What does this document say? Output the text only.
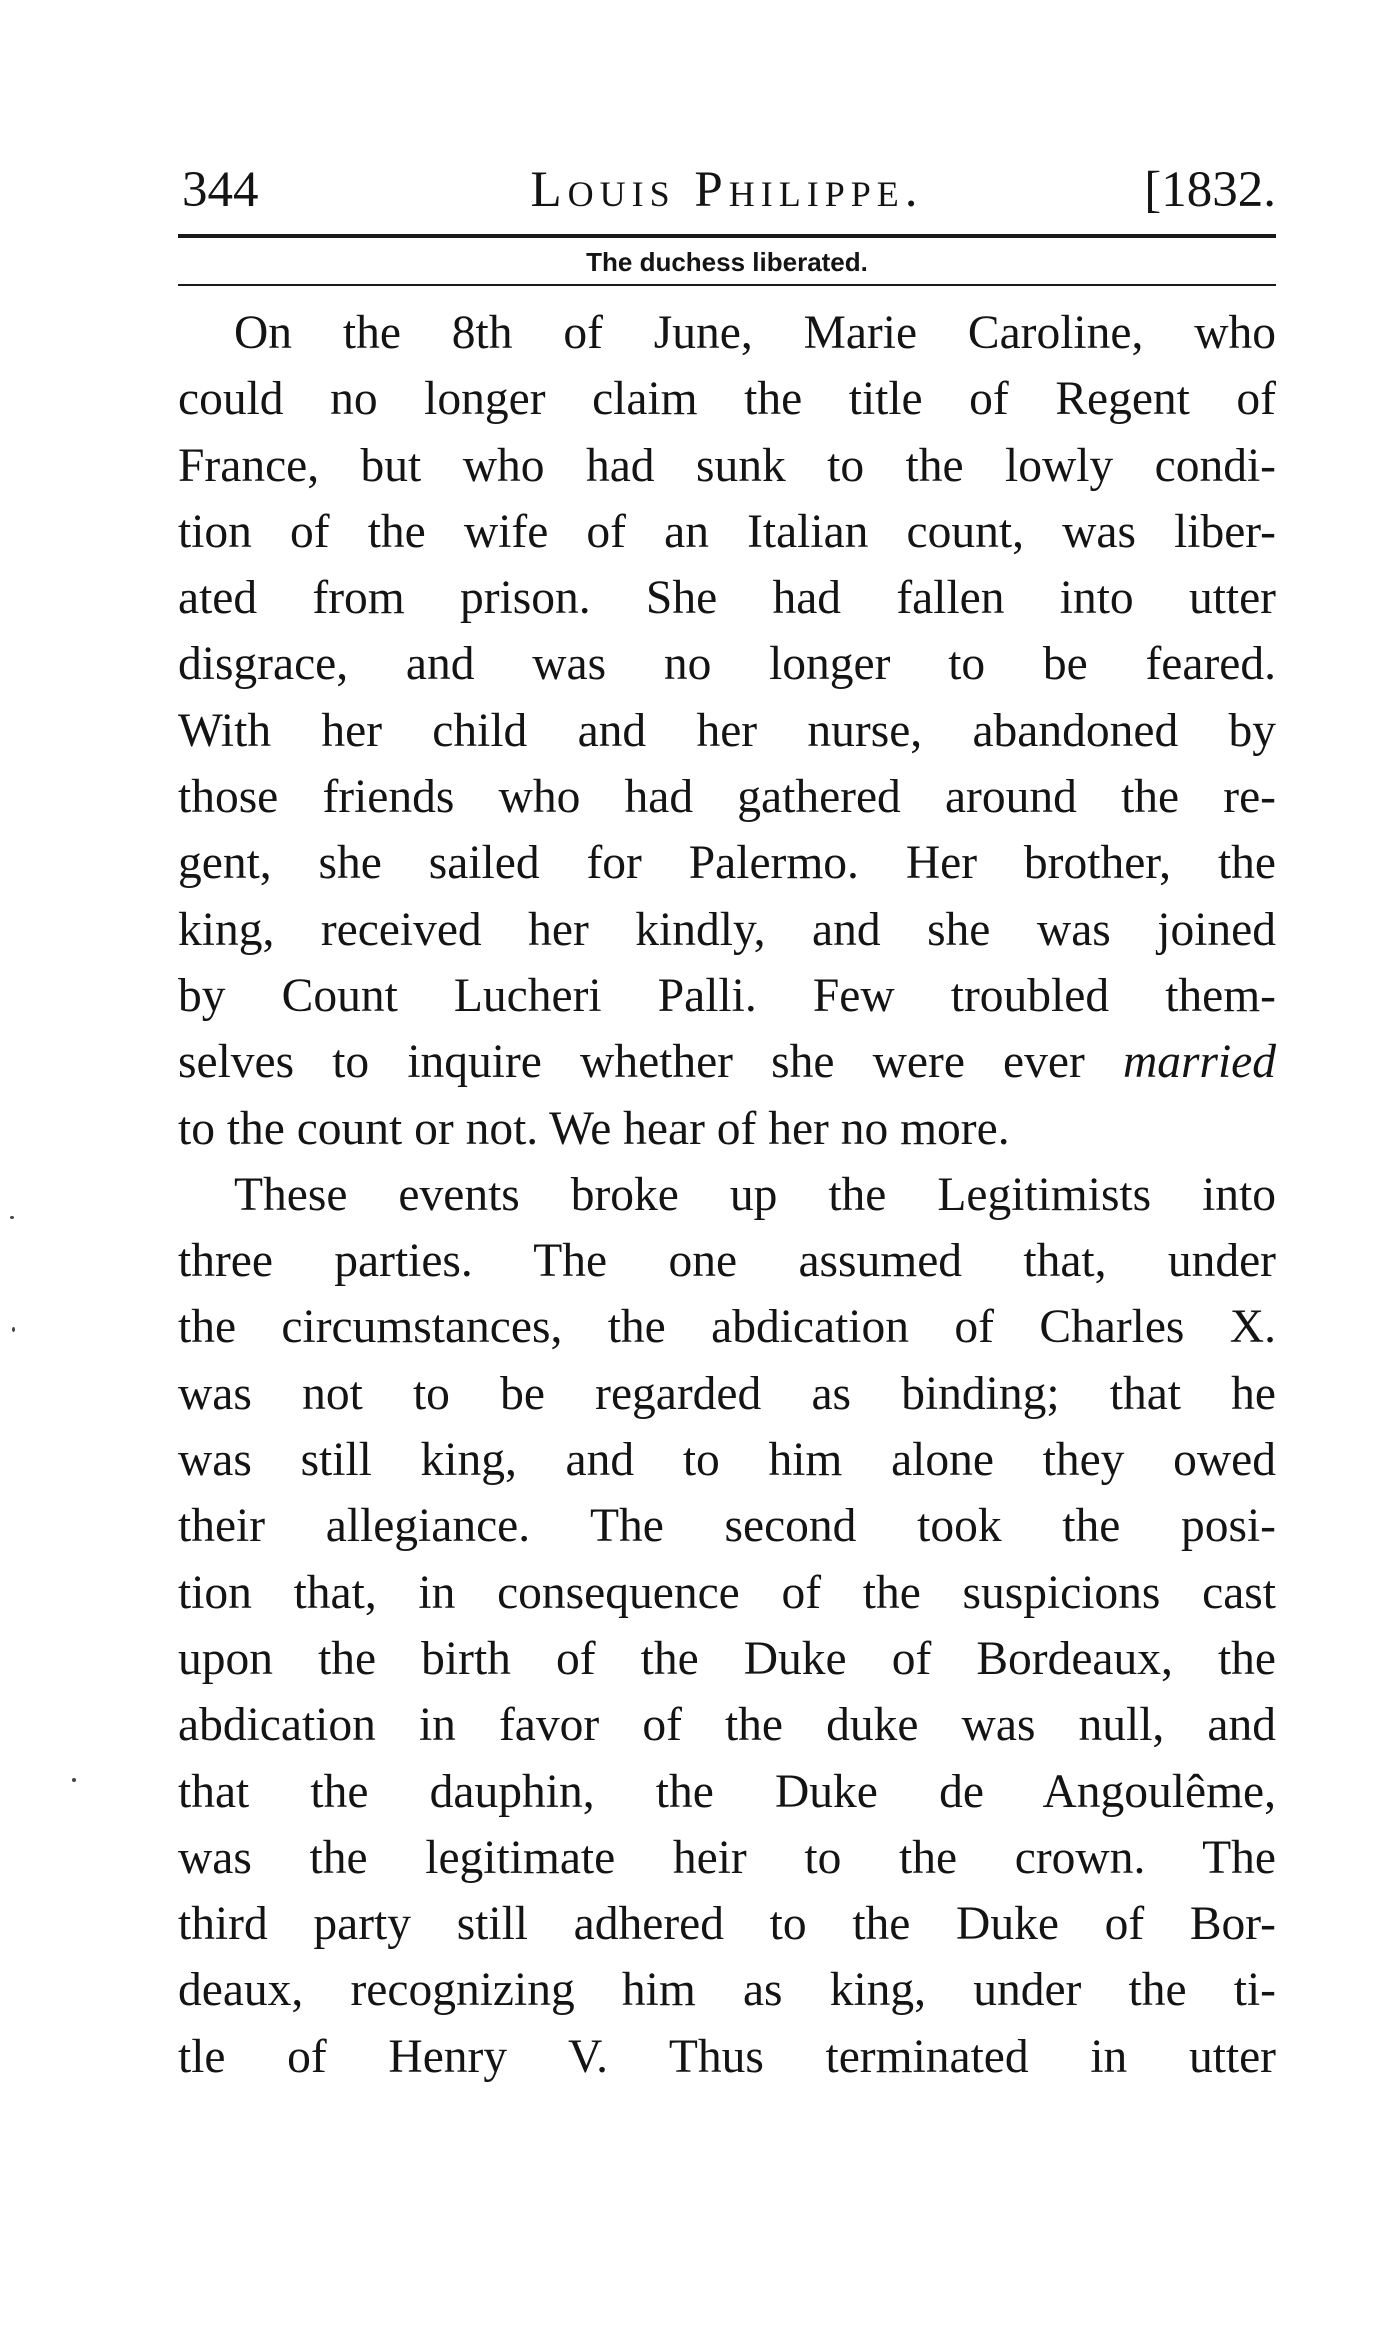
344	Louis Philippe.	[1832.
The duchess liberated.
On the 8th of June, Marie Caroline, who
could no longer claim the title of Regent of
France, but who had sunk to the lowly condi-
tion of the wife of an Italian count, was liber-
ated from prison. She had fallen into utter
disgrace, and was no longer to be feared.
With her child and her nurse, abandoned by
those friends who had gathered around the re-
gent, she sailed for Palermo. Her brother, the
king, received her kindly, and she was joined
by Count Lucheri Palli. Few troubled them-
selves to inquire whether she were ever married
to the count or not. We hear of her no more.
These events broke up the Legitimists into
three parties. The one assumed that, under
the circumstances, the abdication of Charles X.
was not to be regarded as binding; that he
was still king, and to him alone they owed
their allegiance. The second took the posi-
tion that, in consequence of the suspicions cast
upon the birth of the Duke of Bordeaux, the
abdication in favor of the duke was null, and
that the dauphin, the Duke de Angoulême,
was the legitimate heir to the crown. The
third party still adhered to the Duke of Bor-
deaux, recognizing him as king, under the ti-
tle of Henry V. Thus terminated in utter
